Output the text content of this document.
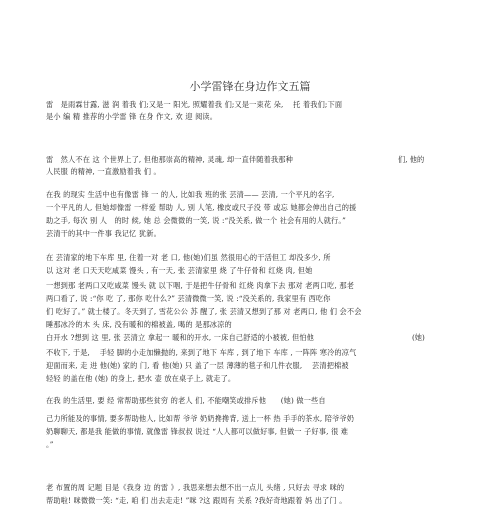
小学雷锋在身边作文五篇
雷　是雨霖甘露, 滋 润 着我 们;又是一 阳光, 照耀着我 们;又是一束花 朵, 　托 着我们;下面
是小 编 精 推荐的小学雷 锋 在身 作文, 欢 迎 阅读。
雷　然人不在 这 个世界上了, 但他那崇高的精神, 灵魂, 却一直伴随着我那种	们, 他的
人民服 的精神, 一直激励着我 们 。
在我 的现实 生活中也有像雷 锋 一 的人, 比如我 班的张 芸清—— 芸清, 一个平凡的名字,
一个平凡的人, 但她却像雷 一样爱 帮助 人, 别 人笔, 橡皮或尺子没 带 或忘 她都会伸出自己的援
助之手, 每次 别 人　的时 候, 她 总 会微微的一笑, 说 :“没关系, 做一个 社会有用的人就行。”
芸清干的其中一件事 我记忆 犹新。
在 芸清家的地下车库 里, 住着一对 老 口, 他(她)们虽 然很用心的干活但工 却没多少, 所
以 这对 老 口天天吃咸菜 馒头 , 有一天, 张 芸清家里 烧 了牛仔骨和 红烧 肉, 但她
一想到那 老两口又吃咸菜 馒头 就 以下咽, 于是把牛仔骨和 红烧 肉拿下去 那对 老两口吃, 那老
两口看了, 说 :“你 吃 了, 那你 吃什么?” 芸清微微一笑, 说 :“没关系的, 我家里有 西吃你
们 吃好了。” 就士楼了。冬天到了, 雪花公公 苏 醒了, 张 芸清又想到了那 对 老两口, 他 们 会不会
睡那冰冷的木 头 床, 没有暖和的棉被盖, 喝的 是那冰凉的
白开水 ?想到 这 里, 张 芸清立 拿起一 暖和的开水, 一床自己舒适的小被被, 但怕他	(她)
不收下, 于是, 　手轻 脚的小走加懒抛的, 来到了地下 车库 , 到了地下 车库 , 一阵阵 寒冷的凉气
迎面而来, 走 进 他(她) 家的 门, 看 他(她) 只 盖了一层 薄薄的毯子和几件衣服, 　芸清把棉被
轻轻 的盖在他 (她) 的身上, 把水 壶 放在桌子上, 就走了。
在我 的生活里, 要 经 常帮助那些贫穷 的老人 们, 不能嘲笑或排斥他　　(她) 做一些自
己力所能及的事情, 要多帮助他人, 比如帮 爷爷 奶奶搀搀背, 送上一杯 热 手手的茶水, 陪爷爷奶
奶聊聊天, 都是我 能做的事情, 就像雷 锋叔叔 说过 “人人都可以做好事, 但做一 子好事, 很 难
。”
老 布置的周 记题 目是《我身 边 的雷 》, 我思来想去想不出一点儿 头绪 , 只好去 寻求 咪的
帮助啦! 咪微微一笑: “走, 咱 们 出去走走! ”咪 ?这 跟周有 关系 ?我好奇地跟着 妈 出了门 。
